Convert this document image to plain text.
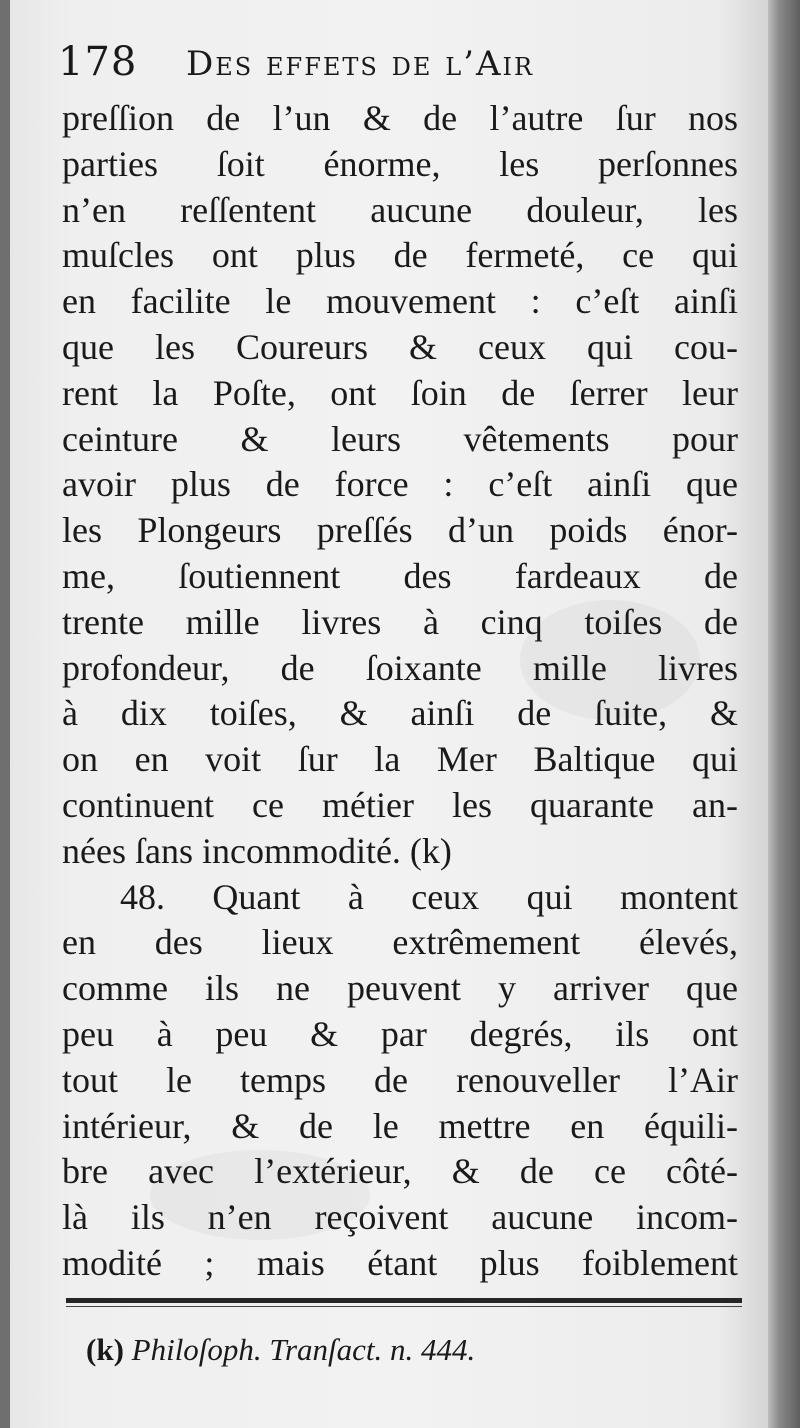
178 Des effets de l’Air
preſſion de l’un & de l’autre ſur nos
parties ſoit énorme, les perſonnes
n’en reſſentent aucune douleur, les
muſcles ont plus de fermeté, ce qui
en facilite le mouvement : c’eſt ainſi
que les Coureurs & ceux qui cou-
rent la Poſte, ont ſoin de ſerrer leur
ceinture & leurs vêtements pour
avoir plus de force : c’eſt ainſi que
les Plongeurs preſſés d’un poids énor-
me, ſoutiennent des fardeaux de
trente mille livres à cinq toiſes de
profondeur, de ſoixante mille livres
à dix toiſes, & ainſi de ſuite, &
on en voit ſur la Mer Baltique qui
continuent ce métier les quarante an-
nées ſans incommodité. (k)
48. Quant à ceux qui montent
en des lieux extrêmement élevés,
comme ils ne peuvent y arriver que
peu à peu & par degrés, ils ont
tout le temps de renouveller l’Air
intérieur, & de le mettre en équili-
bre avec l’extérieur, & de ce côté-
là ils n’en reçoivent aucune incom-
modité ; mais étant plus foiblement
(k) Philoſoph. Tranſact. n. 444.
